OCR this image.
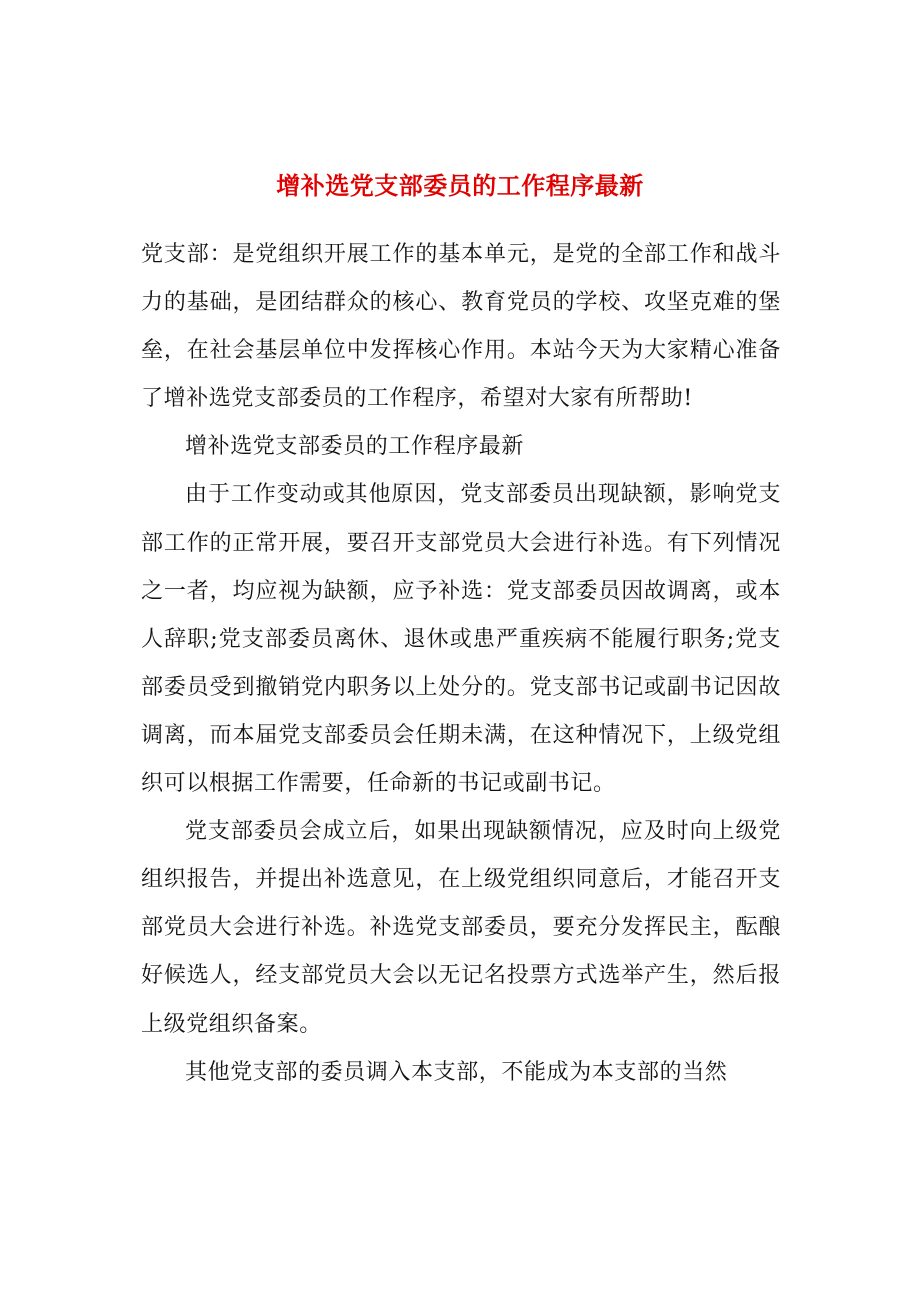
增补选党支部委员的工作程序最新

党支部：是党组织开展工作的基本单元，是党的全部工作和战斗力的基础，是团结群众的核心、教育党员的学校、攻坚克难的堡垒，在社会基层单位中发挥核心作用。本站今天为大家精心准备了增补选党支部委员的工作程序，希望对大家有所帮助!

增补选党支部委员的工作程序最新

由于工作变动或其他原因，党支部委员出现缺额，影响党支部工作的正常开展，要召开支部党员大会进行补选。有下列情况之一者，均应视为缺额，应予补选：党支部委员因故调离，或本人辞职;党支部委员离休、退休或患严重疾病不能履行职务;党支部委员受到撤销党内职务以上处分的。党支部书记或副书记因故调离，而本届党支部委员会任期未满，在这种情况下，上级党组织可以根据工作需要，任命新的书记或副书记。

党支部委员会成立后，如果出现缺额情况，应及时向上级党组织报告，并提出补选意见，在上级党组织同意后，才能召开支部党员大会进行补选。补选党支部委员，要充分发挥民主，酝酿好候选人，经支部党员大会以无记名投票方式选举产生，然后报上级党组织备案。

其他党支部的委员调入本支部，不能成为本支部的当然
